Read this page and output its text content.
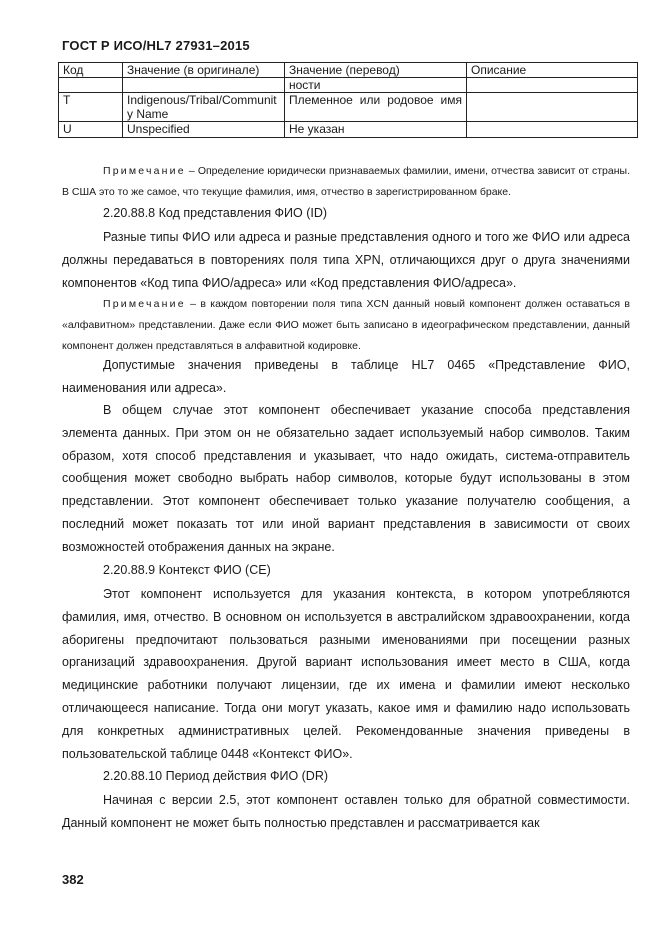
ГОСТ Р ИСО/HL7 27931–2015
Код	Значение (в оригинале)	Значение (перевод)	Описание
		ности	
T	Indigenous/Tribal/Community Name	Племенное или родовое имя	
U	Unspecified	Не указан	
Примечание – Определение юридически признаваемых фамилии, имени, отчества зависит от страны. В США это то же самое, что текущие фамилия, имя, отчество в зарегистрированном браке.
2.20.88.8 Код представления ФИО (ID)
Разные типы ФИО или адреса и разные представления одного и того же ФИО или адреса должны передаваться в повторениях поля типа XPN, отличающихся друг о друга значениями компонентов «Код типа ФИО/адреса» или «Код представления ФИО/адреса».
Примечание – в каждом повторении поля типа XCN данный новый компонент должен оставаться в «алфавитном» представлении. Даже если ФИО может быть записано в идеографическом представлении, данный компонент должен представляться в алфавитной кодировке.
Допустимые значения приведены в таблице HL7 0465 «Представление ФИО, наименования или адреса».
В общем случае этот компонент обеспечивает указание способа представления элемента данных. При этом он не обязательно задает используемый набор символов. Таким образом, хотя способ представления и указывает, что надо ожидать, система-отправитель сообщения может свободно выбрать набор символов, которые будут использованы в этом представлении. Этот компонент обеспечивает только указание получателю сообщения, а последний может показать тот или иной вариант представления в зависимости от своих возможностей отображения данных на экране.
2.20.88.9 Контекст ФИО (CE)
Этот компонент используется для указания контекста, в котором употребляются фамилия, имя, отчество. В основном он используется в австралийском здравоохранении, когда аборигены предпочитают пользоваться разными именованиями при посещении разных организаций здравоохранения. Другой вариант использования имеет место в США, когда медицинские работники получают лицензии, где их имена и фамилии имеют несколько отличающееся написание. Тогда они могут указать, какое имя и фамилию надо использовать для конкретных административных целей. Рекомендованные значения приведены в пользовательской таблице 0448 «Контекст ФИО».
2.20.88.10 Период действия ФИО (DR)
Начиная с версии 2.5, этот компонент оставлен только для обратной совместимости. Данный компонент не может быть полностью представлен и рассматривается как
382
